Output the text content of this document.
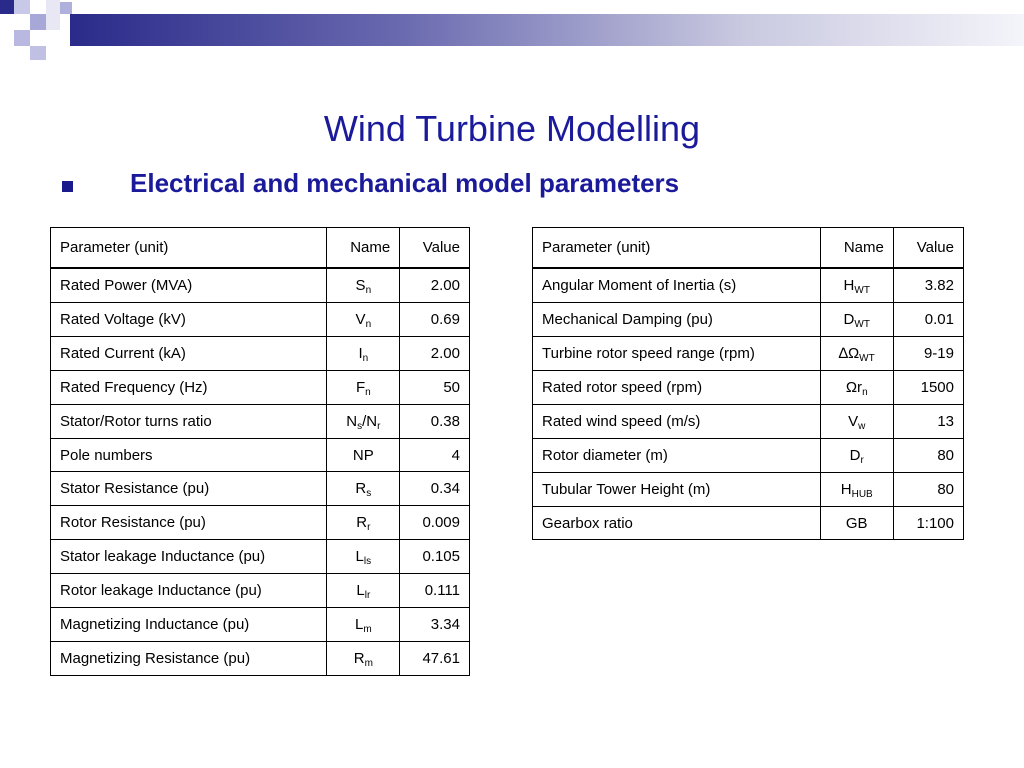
Wind Turbine Modelling
Electrical and mechanical model parameters
Parameter (unit)	Name	Value
Rated Power (MVA)	$S_n$	2.00
Rated Voltage (kV)	$V_n$	0.69
Rated Current (kA)	$I_n$	2.00
Rated Frequency (Hz)	$F_n$	50
Stator/Rotor turns ratio	$N_s/N_r$	0.38
Pole numbers	NP	4
Stator Resistance (pu)	$R_s$	0.34
Rotor Resistance (pu)	$R_r$	0.009
Stator leakage Inductance (pu)	$L_{ls}$	0.105
Rotor leakage Inductance (pu)	$L_{lr}$	0.111
Magnetizing Inductance (pu)	$L_m$	3.34
Magnetizing Resistance (pu)	$R_m$	47.61
Parameter (unit)	Name	Value
Angular Moment of Inertia (s)	$H_{WT}$	3.82
Mechanical Damping (pu)	$D_{WT}$	0.01
Turbine rotor speed range (rpm)	$\Delta\Omega_{WT}$	9-19
Rated rotor speed (rpm)	$\Omega r_n$	1500
Rated wind speed (m/s)	$V_w$	13
Rotor diameter (m)	$D_r$	80
Tubular Tower Height (m)	$H_{HUB}$	80
Gearbox ratio	GB	1:100
